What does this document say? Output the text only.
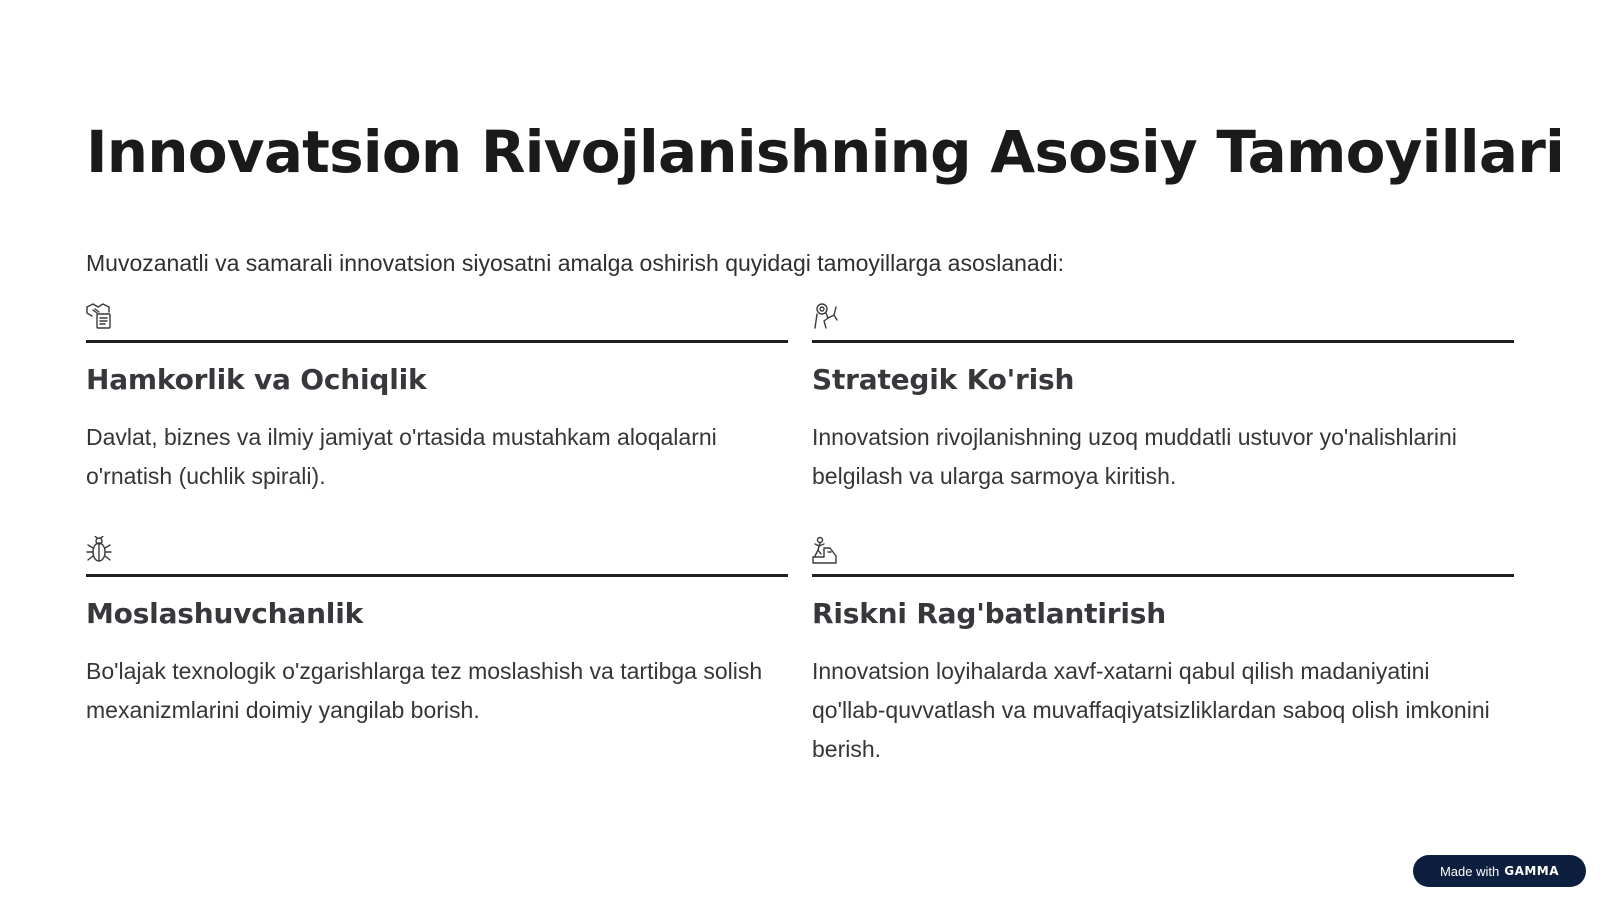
Innovatsion Rivojlanishning Asosiy Tamoyillari

Muvozanatli va samarali innovatsion siyosatni amalga oshirish quyidagi tamoyillarga asoslanadi:

Hamkorlik va Ochiqlik

Davlat, biznes va ilmiy jamiyat o'rtasida mustahkam aloqalarni o'rnatish (uchlik spirali).

Strategik Ko'rish

Innovatsion rivojlanishning uzoq muddatli ustuvor yo'nalishlarini belgilash va ularga sarmoya kiritish.

Moslashuvchanlik

Bo'lajak texnologik o'zgarishlarga tez moslashish va tartibga solish mexanizmlarini doimiy yangilab borish.

Riskni Rag'batlantirish

Innovatsion loyihalarda xavf-xatarni qabul qilish madaniyatini qo'llab-quvvatlash va muvaffaqiyatsizliklardan saboq olish imkonini berish.

Made with GAMMA
